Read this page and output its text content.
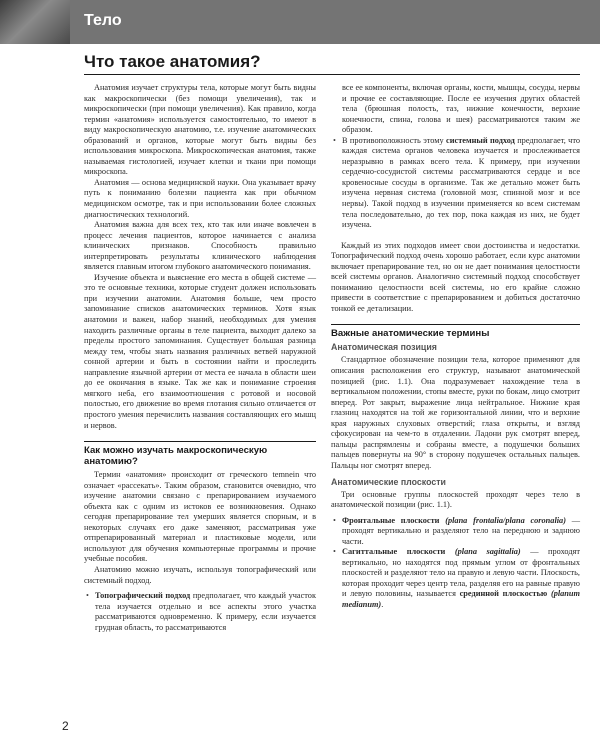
Тело
Что такое анатомия?

Анатомия изучает структуры тела, которые могут быть видны как макроскопически (без помощи увеличения), так и микроскопически (при помощи увеличения). Как правило, когда термин «анатомия» используется самостоятельно, то имеют в виду макроскопическую анатомию, т.е. изучение анатомических образований и органов, которые могут быть видны без использования микроскопа. Микроскопическая анатомия, также называемая гистологией, изучает клетки и ткани при помощи микроскопа.

Анатомия — основа медицинской науки. Она указывает врачу путь к пониманию болезни пациента как при обычном медицинском осмотре, так и при использовании более сложных диагностических технологий.

Анатомия важна для всех тех, кто так или иначе вовлечен в процесс лечения пациентов, которое начинается с анализа клинических признаков. Способность правильно интерпретировать результаты клинического наблюдения является главным итогом глубокого анатомического понимания.

Изучение объекта и выяснение его места в общей системе — это те основные техники, которые студент должен использовать при изучении анатомии. Анатомия больше, чем просто запоминание списков анатомических терминов. Хотя язык анатомии и важен, набор знаний, необходимых для умения находить различные органы в теле пациента, выходит далеко за пределы простого запоминания. Существует большая разница между тем, чтобы знать названия различных ветвей наружной сонной артерии и быть в состоянии найти и проследить направление язычной артерии от места ее начала в области шеи до ее окончания в языке. Так же как и понимание строения мягкого неба, его взаимоотношения с ротовой и носовой полостью, его движение во время глотания сильно отличается от простого умения перечислить названия составляющих его мышц и нервов.

Как можно изучать макроскопическую анатомию?

Термин «анатомия» происходит от греческого temnein что означает «рассекать». Таким образом, становится очевидно, что изучение анатомии связано с препарированием изучаемого объекта как с одним из истоков ее возникновения. Однако сегодня препарирование тел умерших является спорным, и в некоторых случаях его даже заменяют, рассматривая уже отпрепарированный материал и пластиковые модели, или используют для обучения компьютерные программы и прочие учебные пособия.

Анатомию можно изучать, используя топографический или системный подход.

• Топографический подход предполагает, что каждый участок тела изучается отдельно и все аспекты этого участка рассматриваются одновременно. К примеру, если изучается грудная область, то рассматриваются

все ее компоненты, включая органы, кости, мышцы, сосуды, нервы и прочие ее составляющие. После ее изучения других областей тела (брюшная полость, таз, нижние конечности, верхние конечности, спина, голова и шея) рассматриваются таким же образом.

• В противоположность этому системный подход предполагает, что каждая система органов человека изучается и прослеживается неразрывно в рамках всего тела. К примеру, при изучении сердечно-сосудистой системы рассматриваются сердце и все кровеносные сосуды в организме. Так же детально может быть изучена нервная система (головной мозг, спинной мозг и все нервы). Такой подход в изучении применяется ко всем системам тела последовательно, до тех пор, пока каждая из них, не будет изучена.

Каждый из этих подходов имеет свои достоинства и недостатки. Топографический подход очень хорошо работает, если курс анатомии включает препарирование тел, но он не дает понимания целостности всей системы органов. Аналогично системный подход способствует пониманию целостности всей системы, но его крайне сложно привести в соответствие с препарированием и добиться достаточно тонкой ее детализации.

Важные анатомические термины
Анатомическая позиция

Стандартное обозначение позиции тела, которое применяют для описания расположения его структур, называют анатомической позицией (рис. 1.1). Она подразумевает нахождение тела в вертикальном положении, стопы вместе, руки по бокам, лицо смотрит вперед. Рот закрыт, выражение лица нейтральное. Нижние края глазниц находятся на той же горизонтальной линии, что и верхние края наружных слуховых отверстий; глаза открыты, и взгляд сфокусирован на чем-то в отдалении. Ладони рук смотрят вперед, пальцы распрямлены и собраны вместе, а подушечки больших пальцев повернуты на 90° в сторону подушечек остальных пальцев. Пальцы ног смотрят вперед.

Анатомические плоскости

Три основные группы плоскостей проходят через тело в анатомической позиции (рис. 1.1).

• Фронтальные плоскости (plana frontalia/plana coronalia) — проходят вертикально и разделяют тело на переднюю и заднюю части.

• Сагиттальные плоскости (plana sagittalia) — проходят вертикально, но находятся под прямым углом от фронтальных плоскостей и разделяют тело на правую и левую части. Плоскость, которая проходит через центр тела, разделяя его на равные правую и левую половины, называется срединной плоскостью (planum medianum).

2
